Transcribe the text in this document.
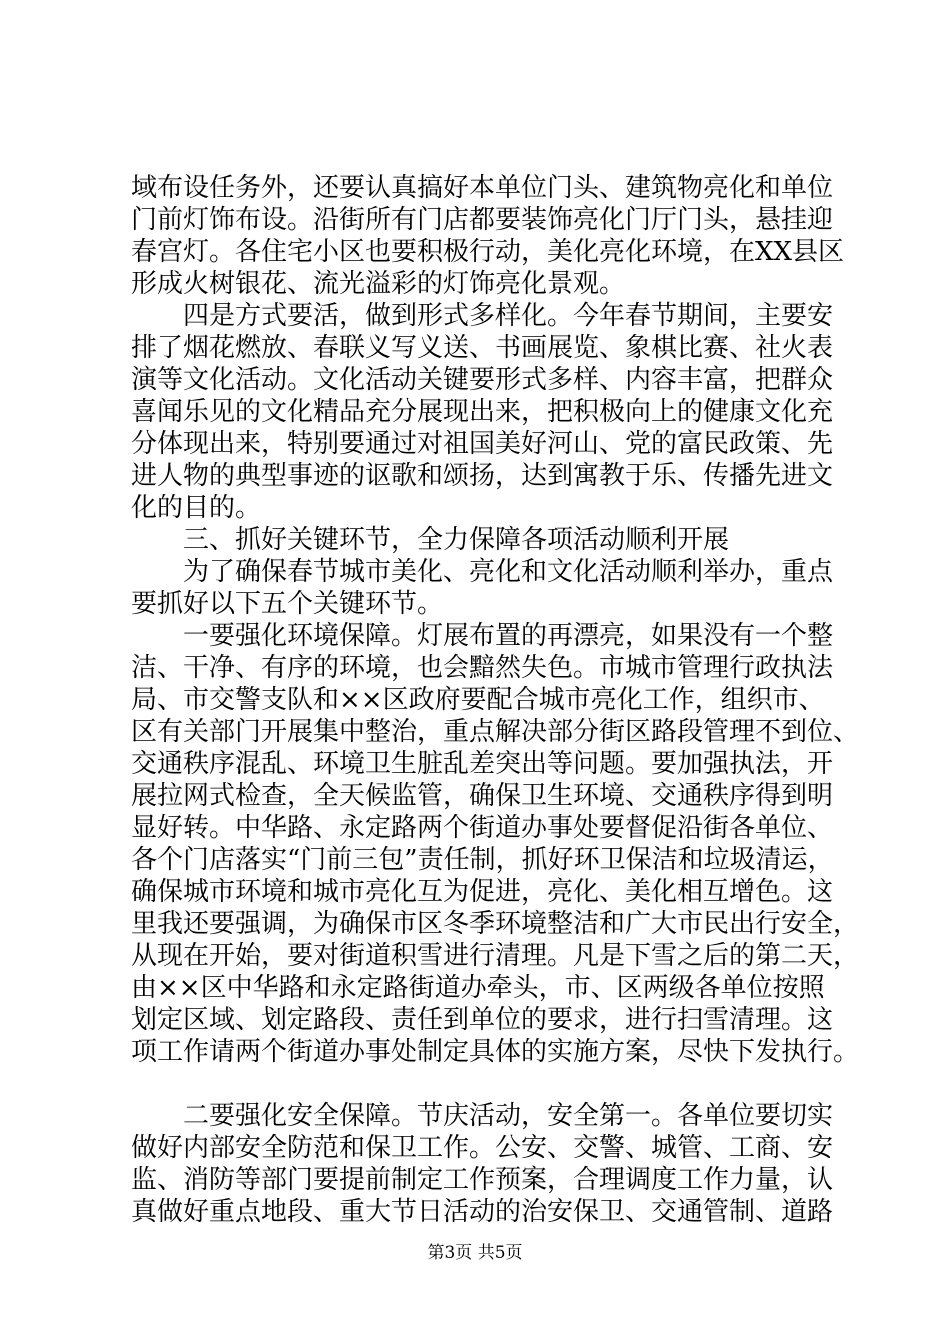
域布设任务外，还要认真搞好本单位门头、建筑物亮化和单位
门前灯饰布设。沿街所有门店都要装饰亮化门厅门头，悬挂迎
春宫灯。各住宅小区也要积极行动，美化亮化环境，在XX县区
形成火树银花、流光溢彩的灯饰亮化景观。
四是方式要活，做到形式多样化。今年春节期间，主要安
排了烟花燃放、春联义写义送、书画展览、象棋比赛、社火表
演等文化活动。文化活动关键要形式多样、内容丰富，把群众
喜闻乐见的文化精品充分展现出来，把积极向上的健康文化充
分体现出来，特别要通过对祖国美好河山、党的富民政策、先
进人物的典型事迹的讴歌和颂扬，达到寓教于乐、传播先进文
化的目的。
三、抓好关键环节，全力保障各项活动顺利开展
为了确保春节城市美化、亮化和文化活动顺利举办，重点
要抓好以下五个关键环节。
一要强化环境保障。灯展布置的再漂亮，如果没有一个整
洁、干净、有序的环境，也会黯然失色。市城市管理行政执法
局、市交警支队和××区政府要配合城市亮化工作，组织市、
区有关部门开展集中整治，重点解决部分街区路段管理不到位、
交通秩序混乱、环境卫生脏乱差突出等问题。要加强执法，开
展拉网式检查，全天候监管，确保卫生环境、交通秩序得到明
显好转。中华路、永定路两个街道办事处要督促沿街各单位、
各个门店落实“门前三包”责任制，抓好环卫保洁和垃圾清运，
确保城市环境和城市亮化互为促进，亮化、美化相互增色。这
里我还要强调，为确保市区冬季环境整洁和广大市民出行安全，
从现在开始，要对街道积雪进行清理。凡是下雪之后的第二天，
由××区中华路和永定路街道办牵头，市、区两级各单位按照
划定区域、划定路段、责任到单位的要求，进行扫雪清理。这
项工作请两个街道办事处制定具体的实施方案，尽快下发执行。
二要强化安全保障。节庆活动，安全第一。各单位要切实
做好内部安全防范和保卫工作。公安、交警、城管、工商、安
监、消防等部门要提前制定工作预案，合理调度工作力量，认
真做好重点地段、重大节日活动的治安保卫、交通管制、道路
第3页 共5页
